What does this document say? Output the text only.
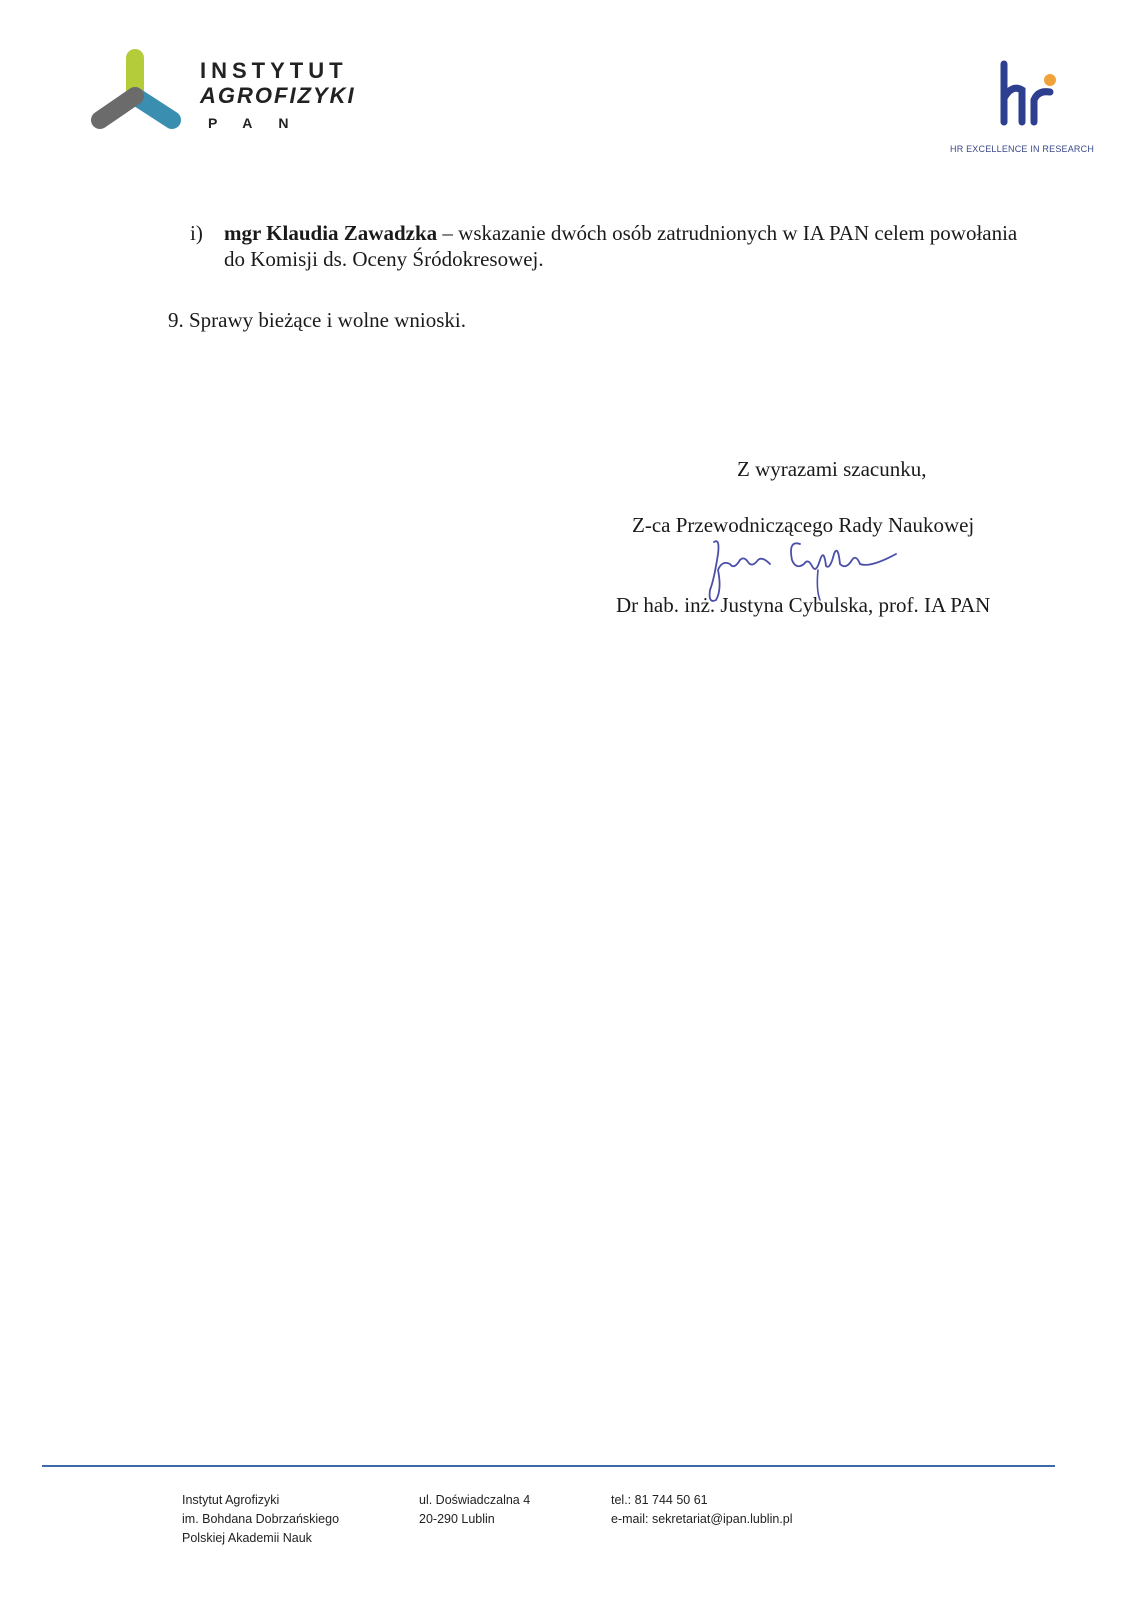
INSTYTUT
AGROFIZYKI
PAN
HR EXCELLENCE IN RESEARCH
i) mgr Klaudia Zawadzka – wskazanie dwóch osób zatrudnionych w IA PAN celem powołania do Komisji ds. Oceny Śródokresowej.
9. Sprawy bieżące i wolne wnioski.
Z wyrazami szacunku,
Z-ca Przewodniczącego Rady Naukowej
Dr hab. inż. Justyna Cybulska, prof. IA PAN
Instytut Agrofizyki
im. Bohdana Dobrzańskiego
Polskiej Akademii Nauk
ul. Doświadczalna 4
20-290 Lublin
tel.: 81 744 50 61
e-mail: sekretariat@ipan.lublin.pl
